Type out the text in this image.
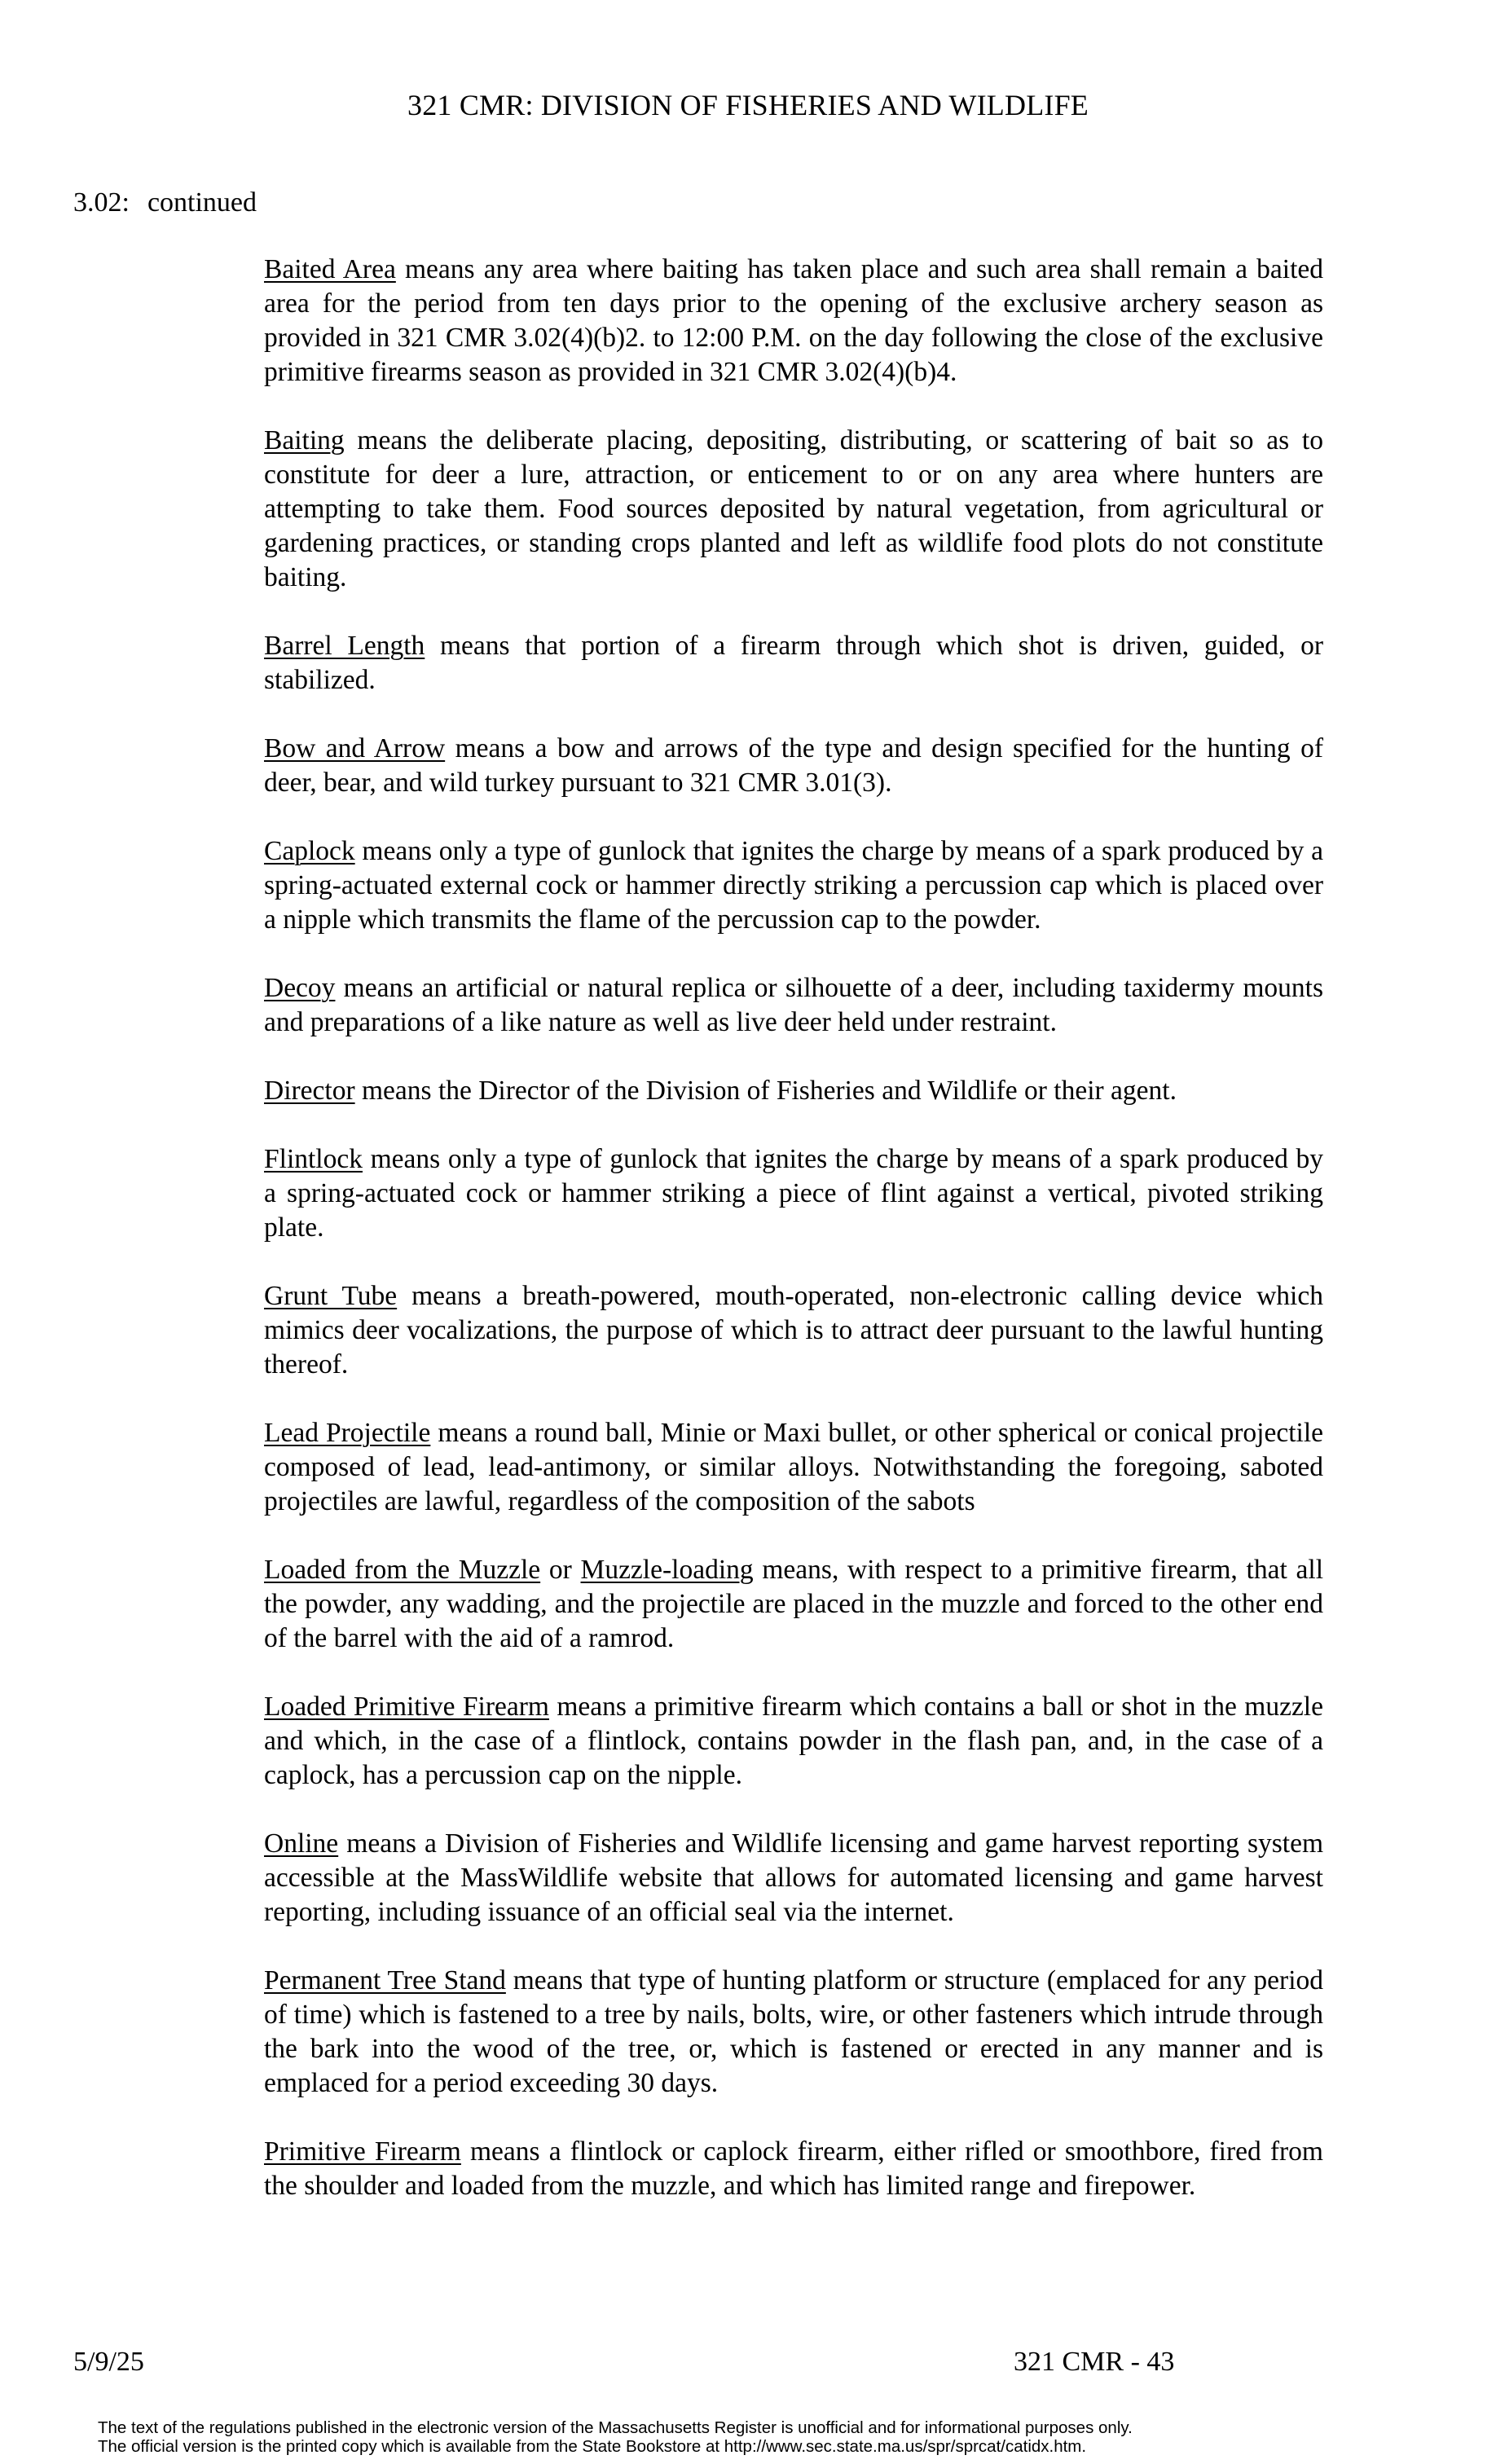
321 CMR: DIVISION OF FISHERIES AND WILDLIFE
3.02: continued

Baited Area means any area where baiting has taken place and such area shall remain a baited area for the period from ten days prior to the opening of the exclusive archery season as provided in 321 CMR 3.02(4)(b)2. to 12:00 P.M. on the day following the close of the exclusive primitive firearms season as provided in 321 CMR 3.02(4)(b)4.

Baiting means the deliberate placing, depositing, distributing, or scattering of bait so as to constitute for deer a lure, attraction, or enticement to or on any area where hunters are attempting to take them. Food sources deposited by natural vegetation, from agricultural or gardening practices, or standing crops planted and left as wildlife food plots do not constitute baiting.

Barrel Length means that portion of a firearm through which shot is driven, guided, or stabilized.

Bow and Arrow means a bow and arrows of the type and design specified for the hunting of deer, bear, and wild turkey pursuant to 321 CMR 3.01(3).

Caplock means only a type of gunlock that ignites the charge by means of a spark produced by a spring-actuated external cock or hammer directly striking a percussion cap which is placed over a nipple which transmits the flame of the percussion cap to the powder.

Decoy means an artificial or natural replica or silhouette of a deer, including taxidermy mounts and preparations of a like nature as well as live deer held under restraint.

Director means the Director of the Division of Fisheries and Wildlife or their agent.

Flintlock means only a type of gunlock that ignites the charge by means of a spark produced by a spring-actuated cock or hammer striking a piece of flint against a vertical, pivoted striking plate.

Grunt Tube means a breath-powered, mouth-operated, non-electronic calling device which mimics deer vocalizations, the purpose of which is to attract deer pursuant to the lawful hunting thereof.

Lead Projectile means a round ball, Minie or Maxi bullet, or other spherical or conical projectile composed of lead, lead-antimony, or similar alloys. Notwithstanding the foregoing, saboted projectiles are lawful, regardless of the composition of the sabots

Loaded from the Muzzle or Muzzle-loading means, with respect to a primitive firearm, that all the powder, any wadding, and the projectile are placed in the muzzle and forced to the other end of the barrel with the aid of a ramrod.

Loaded Primitive Firearm means a primitive firearm which contains a ball or shot in the muzzle and which, in the case of a flintlock, contains powder in the flash pan, and, in the case of a caplock, has a percussion cap on the nipple.

Online means a Division of Fisheries and Wildlife licensing and game harvest reporting system accessible at the MassWildlife website that allows for automated licensing and game harvest reporting, including issuance of an official seal via the internet.

Permanent Tree Stand means that type of hunting platform or structure (emplaced for any period of time) which is fastened to a tree by nails, bolts, wire, or other fasteners which intrude through the bark into the wood of the tree, or, which is fastened or erected in any manner and is emplaced for a period exceeding 30 days.

Primitive Firearm means a flintlock or caplock firearm, either rifled or smoothbore, fired from the shoulder and loaded from the muzzle, and which has limited range and firepower.

5/9/25	321 CMR - 43
The text of the regulations published in the electronic version of the Massachusetts Register is unofficial and for informational purposes only.
The official version is the printed copy which is available from the State Bookstore at http://www.sec.state.ma.us/spr/sprcat/catidx.htm.
